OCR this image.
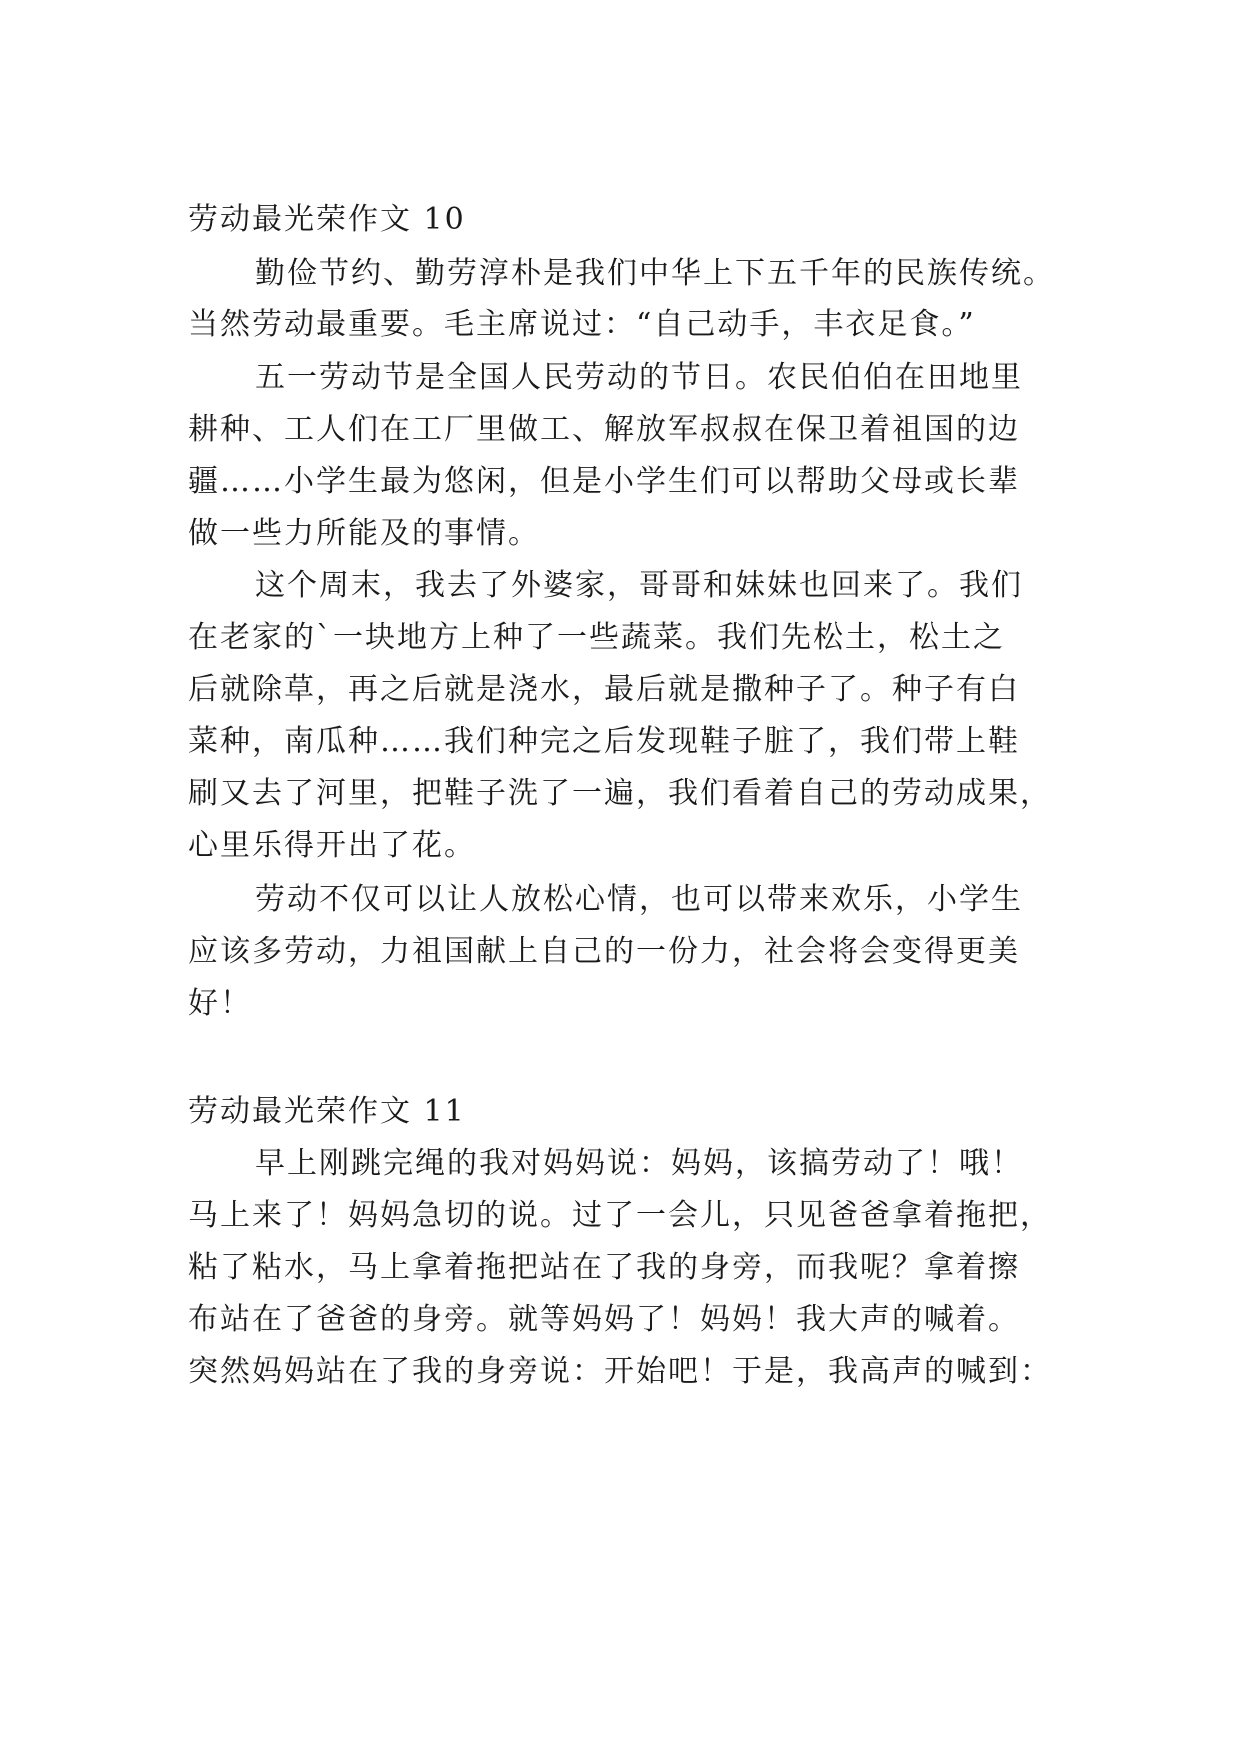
劳动最光荣作文 10
勤俭节约、勤劳淳朴是我们中华上下五千年的民族传统。
当然劳动最重要。毛主席说过：“自己动手，丰衣足食。”
五一劳动节是全国人民劳动的节日。农民伯伯在田地里
耕种、工人们在工厂里做工、解放军叔叔在保卫着祖国的边
疆……小学生最为悠闲，但是小学生们可以帮助父母或长辈
做一些力所能及的事情。
这个周末，我去了外婆家，哥哥和妹妹也回来了。我们
在老家的`一块地方上种了一些蔬菜。我们先松土，松土之
后就除草，再之后就是浇水，最后就是撒种子了。种子有白
菜种，南瓜种……我们种完之后发现鞋子脏了，我们带上鞋
刷又去了河里，把鞋子洗了一遍，我们看着自己的劳动成果，
心里乐得开出了花。
劳动不仅可以让人放松心情，也可以带来欢乐，小学生
应该多劳动，力祖国献上自己的一份力，社会将会变得更美
好！
劳动最光荣作文 11
早上刚跳完绳的我对妈妈说：妈妈，该搞劳动了！哦！
马上来了！妈妈急切的说。过了一会儿，只见爸爸拿着拖把，
粘了粘水，马上拿着拖把站在了我的身旁，而我呢？拿着擦
布站在了爸爸的身旁。就等妈妈了！妈妈！我大声的喊着。
突然妈妈站在了我的身旁说：开始吧！于是，我高声的喊到：
